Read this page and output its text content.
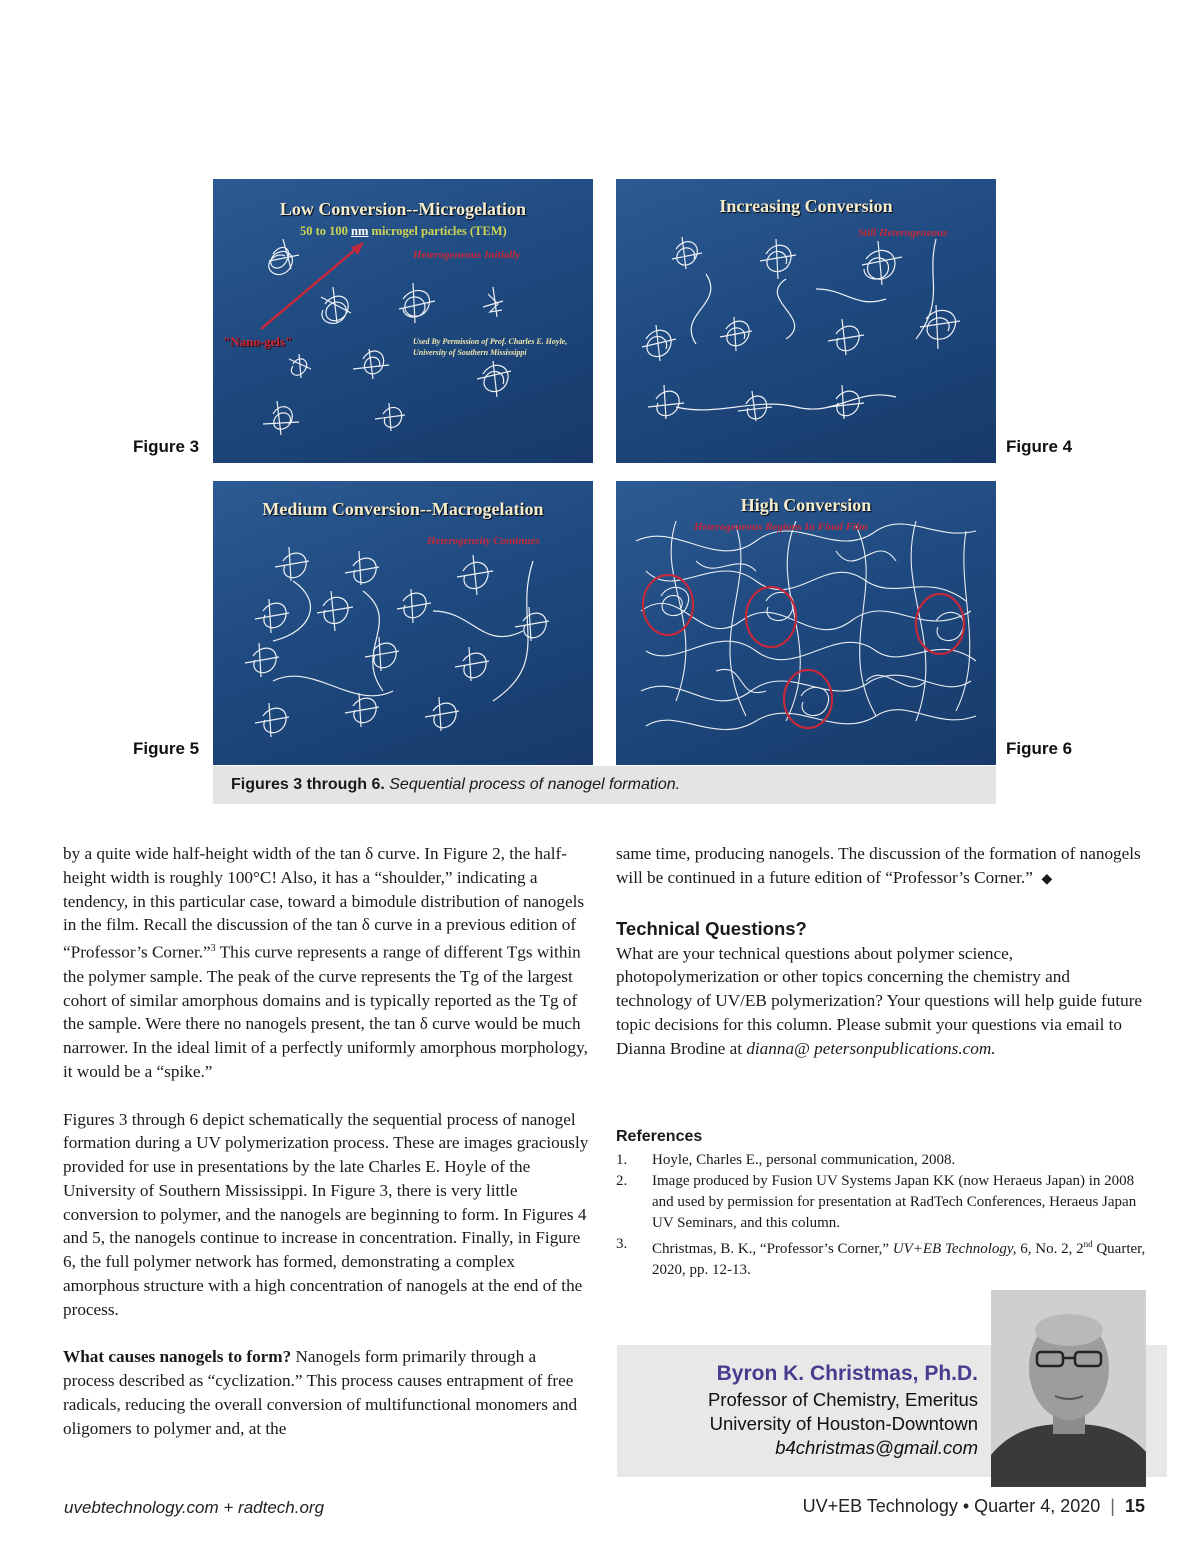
Figure 3	Figure 4
Figure 5	Figure 6
Low Conversion--Microgelation
50 to 100 nm microgel particles (TEM)
Heterogeneous Initially
"Nano-gels"	Used By Permission of Prof. Charles E. Hoyle,
University of Southern Mississippi
Increasing Conversion
Still Heterogeneous
Medium Conversion--Macrogelation
Heterogeneity Continues
High Conversion
Heterogeneous Regions In Final Film
Figures 3 through 6. Sequential process of nanogel formation.

by a quite wide half-height width of the tan δ curve. In Figure 2, the half-height width is roughly 100°C! Also, it has a “shoulder,” indicating a tendency, in this particular case, toward a bimodule distribution of nanogels in the film. Recall the discussion of the tan δ curve in a previous edition of “Professor’s Corner.”$^3$ This curve represents a range of different Tgs within the polymer sample. The peak of the curve represents the Tg of the largest cohort of similar amorphous domains and is typically reported as the Tg of the sample. Were there no nanogels present, the tan δ curve would be much narrower. In the ideal limit of a perfectly uniformly amorphous morphology, it would be a “spike.”

Figures 3 through 6 depict schematically the sequential process of nanogel formation during a UV polymerization process. These are images graciously provided for use in presentations by the late Charles E. Hoyle of the University of Southern Mississippi. In Figure 3, there is very little conversion to polymer, and the nanogels are beginning to form. In Figures 4 and 5, the nanogels continue to increase in concentration. Finally, in Figure 6, the full polymer network has formed, demonstrating a complex amorphous structure with a high concentration of nanogels at the end of the process.

What causes nanogels to form? Nanogels form primarily through a process described as “cyclization.” This process causes entrapment of free radicals, reducing the overall conversion of multifunctional monomers and oligomers to polymer and, at the

same time, producing nanogels. The discussion of the formation of nanogels will be continued in a future edition of “Professor’s Corner.” ◆

Technical Questions?

What are your technical questions about polymer science, photopolymerization or other topics concerning the chemistry and technology of UV/EB polymerization? Your questions will help guide future topic decisions for this column. Please submit your questions via email to Dianna Brodine at dianna@ petersonpublications.com.

References
1. Hoyle, Charles E., personal communication, 2008.
2. Image produced by Fusion UV Systems Japan KK (now Heraeus Japan) in 2008 and used by permission for presentation at RadTech Conferences, Heraeus Japan UV Seminars, and this column.
3. Christmas, B. K., “Professor’s Corner,” UV+EB Technology, 6, No. 2, 2nd Quarter, 2020, pp. 12-13.
Byron K. Christmas, Ph.D.
Professor of Chemistry, Emeritus
University of Houston-Downtown
b4christmas@gmail.com
uvebtechnology.com + radtech.org	UV+EB Technology • Quarter 4, 2020 | 15
